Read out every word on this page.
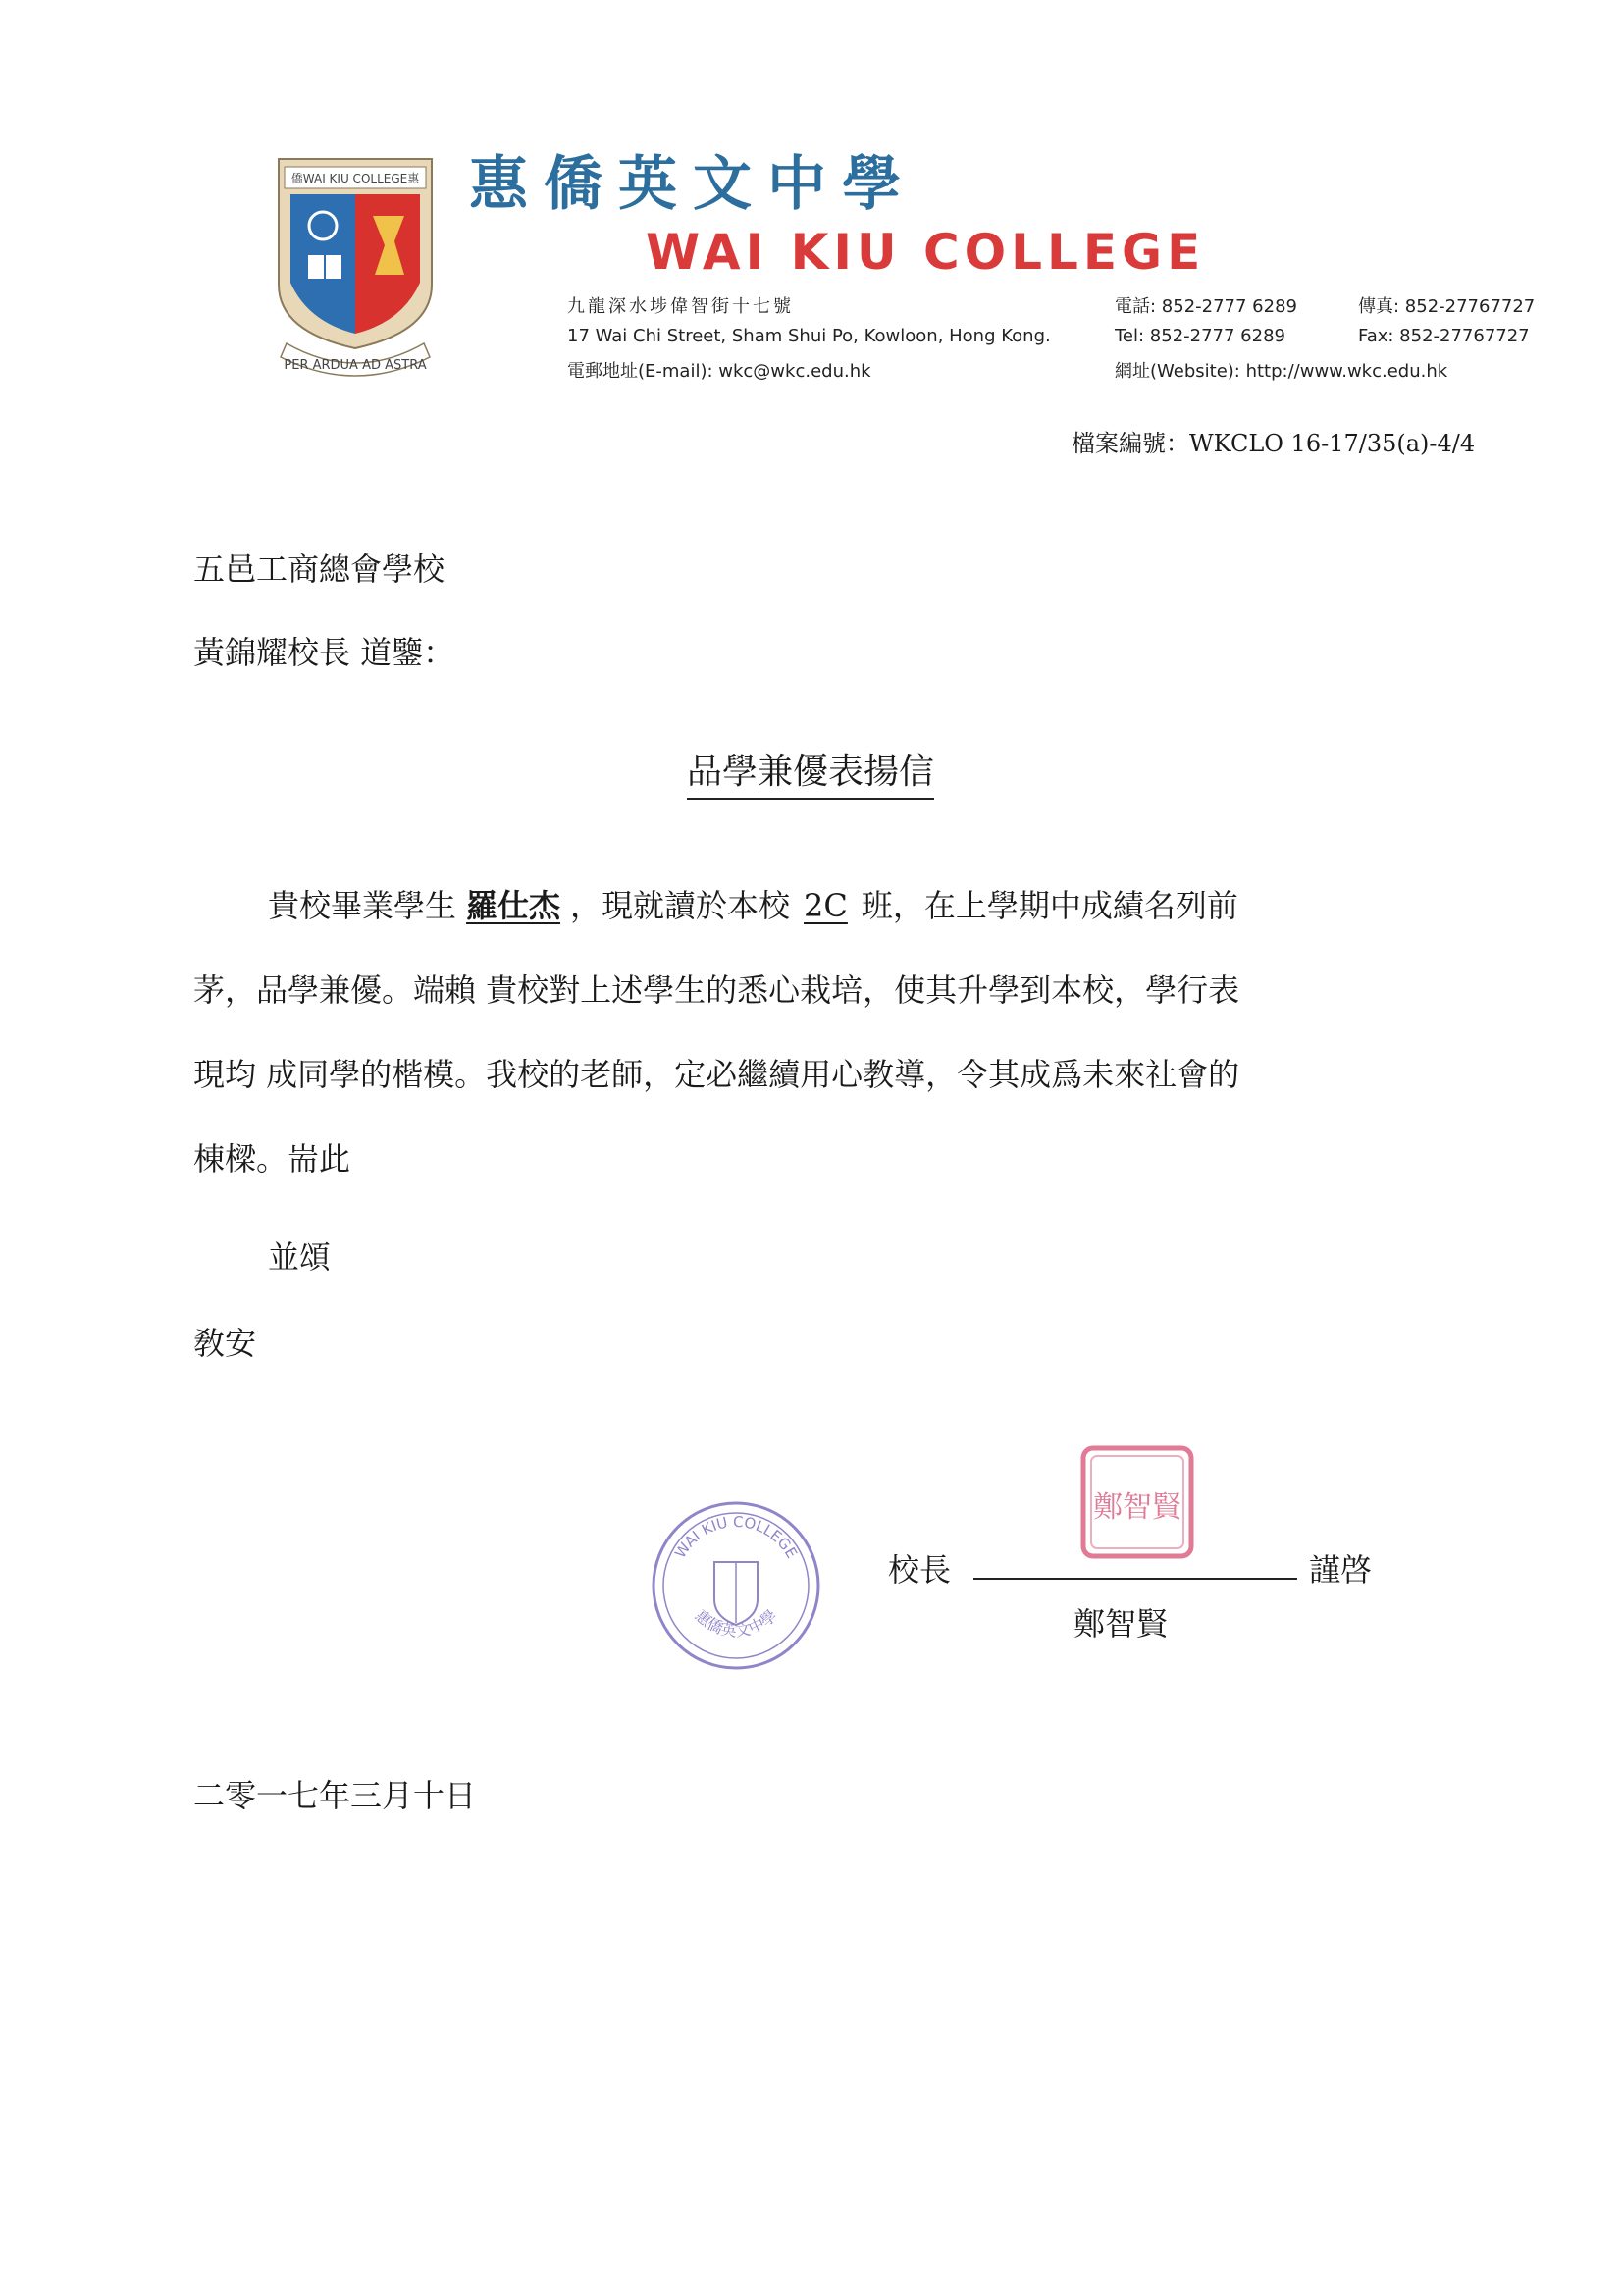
僑WAI KIU COLLEGE惠
PER ARDUA AD ASTRA
惠僑英文中學
WAI KIU COLLEGE
九龍深水埗偉智街十七號
17 Wai Chi Street, Sham Shui Po, Kowloon, Hong Kong.
電郵地址(E-mail): wkc@wkc.edu.hk
電話: 852-2777 6289
Tel: 852-2777 6289
網址(Website): http://www.wkc.edu.hk
傳真: 852-27767727
Fax: 852-27767727
檔案編號：WKCLO 16-17/35(a)-4/4
五邑工商總會學校
黃錦耀校長 道鑒：
品學兼優表揚信
貴校畢業學生 羅仕杰 ，現就讀於本校 2C 班，在上學期中成績名列前
茅，品學兼優。端賴 貴校對上述學生的悉心栽培，使其升學到本校，學行表
現均 成同學的楷模。我校的老師，定必繼續用心教導，令其成爲未來社會的
棟樑。耑此
並頌
敎安
WAI KIU COLLEGE
惠僑英文中學
校長	謹啓
鄭智賢
鄭智賢
二零一七年三月十日
